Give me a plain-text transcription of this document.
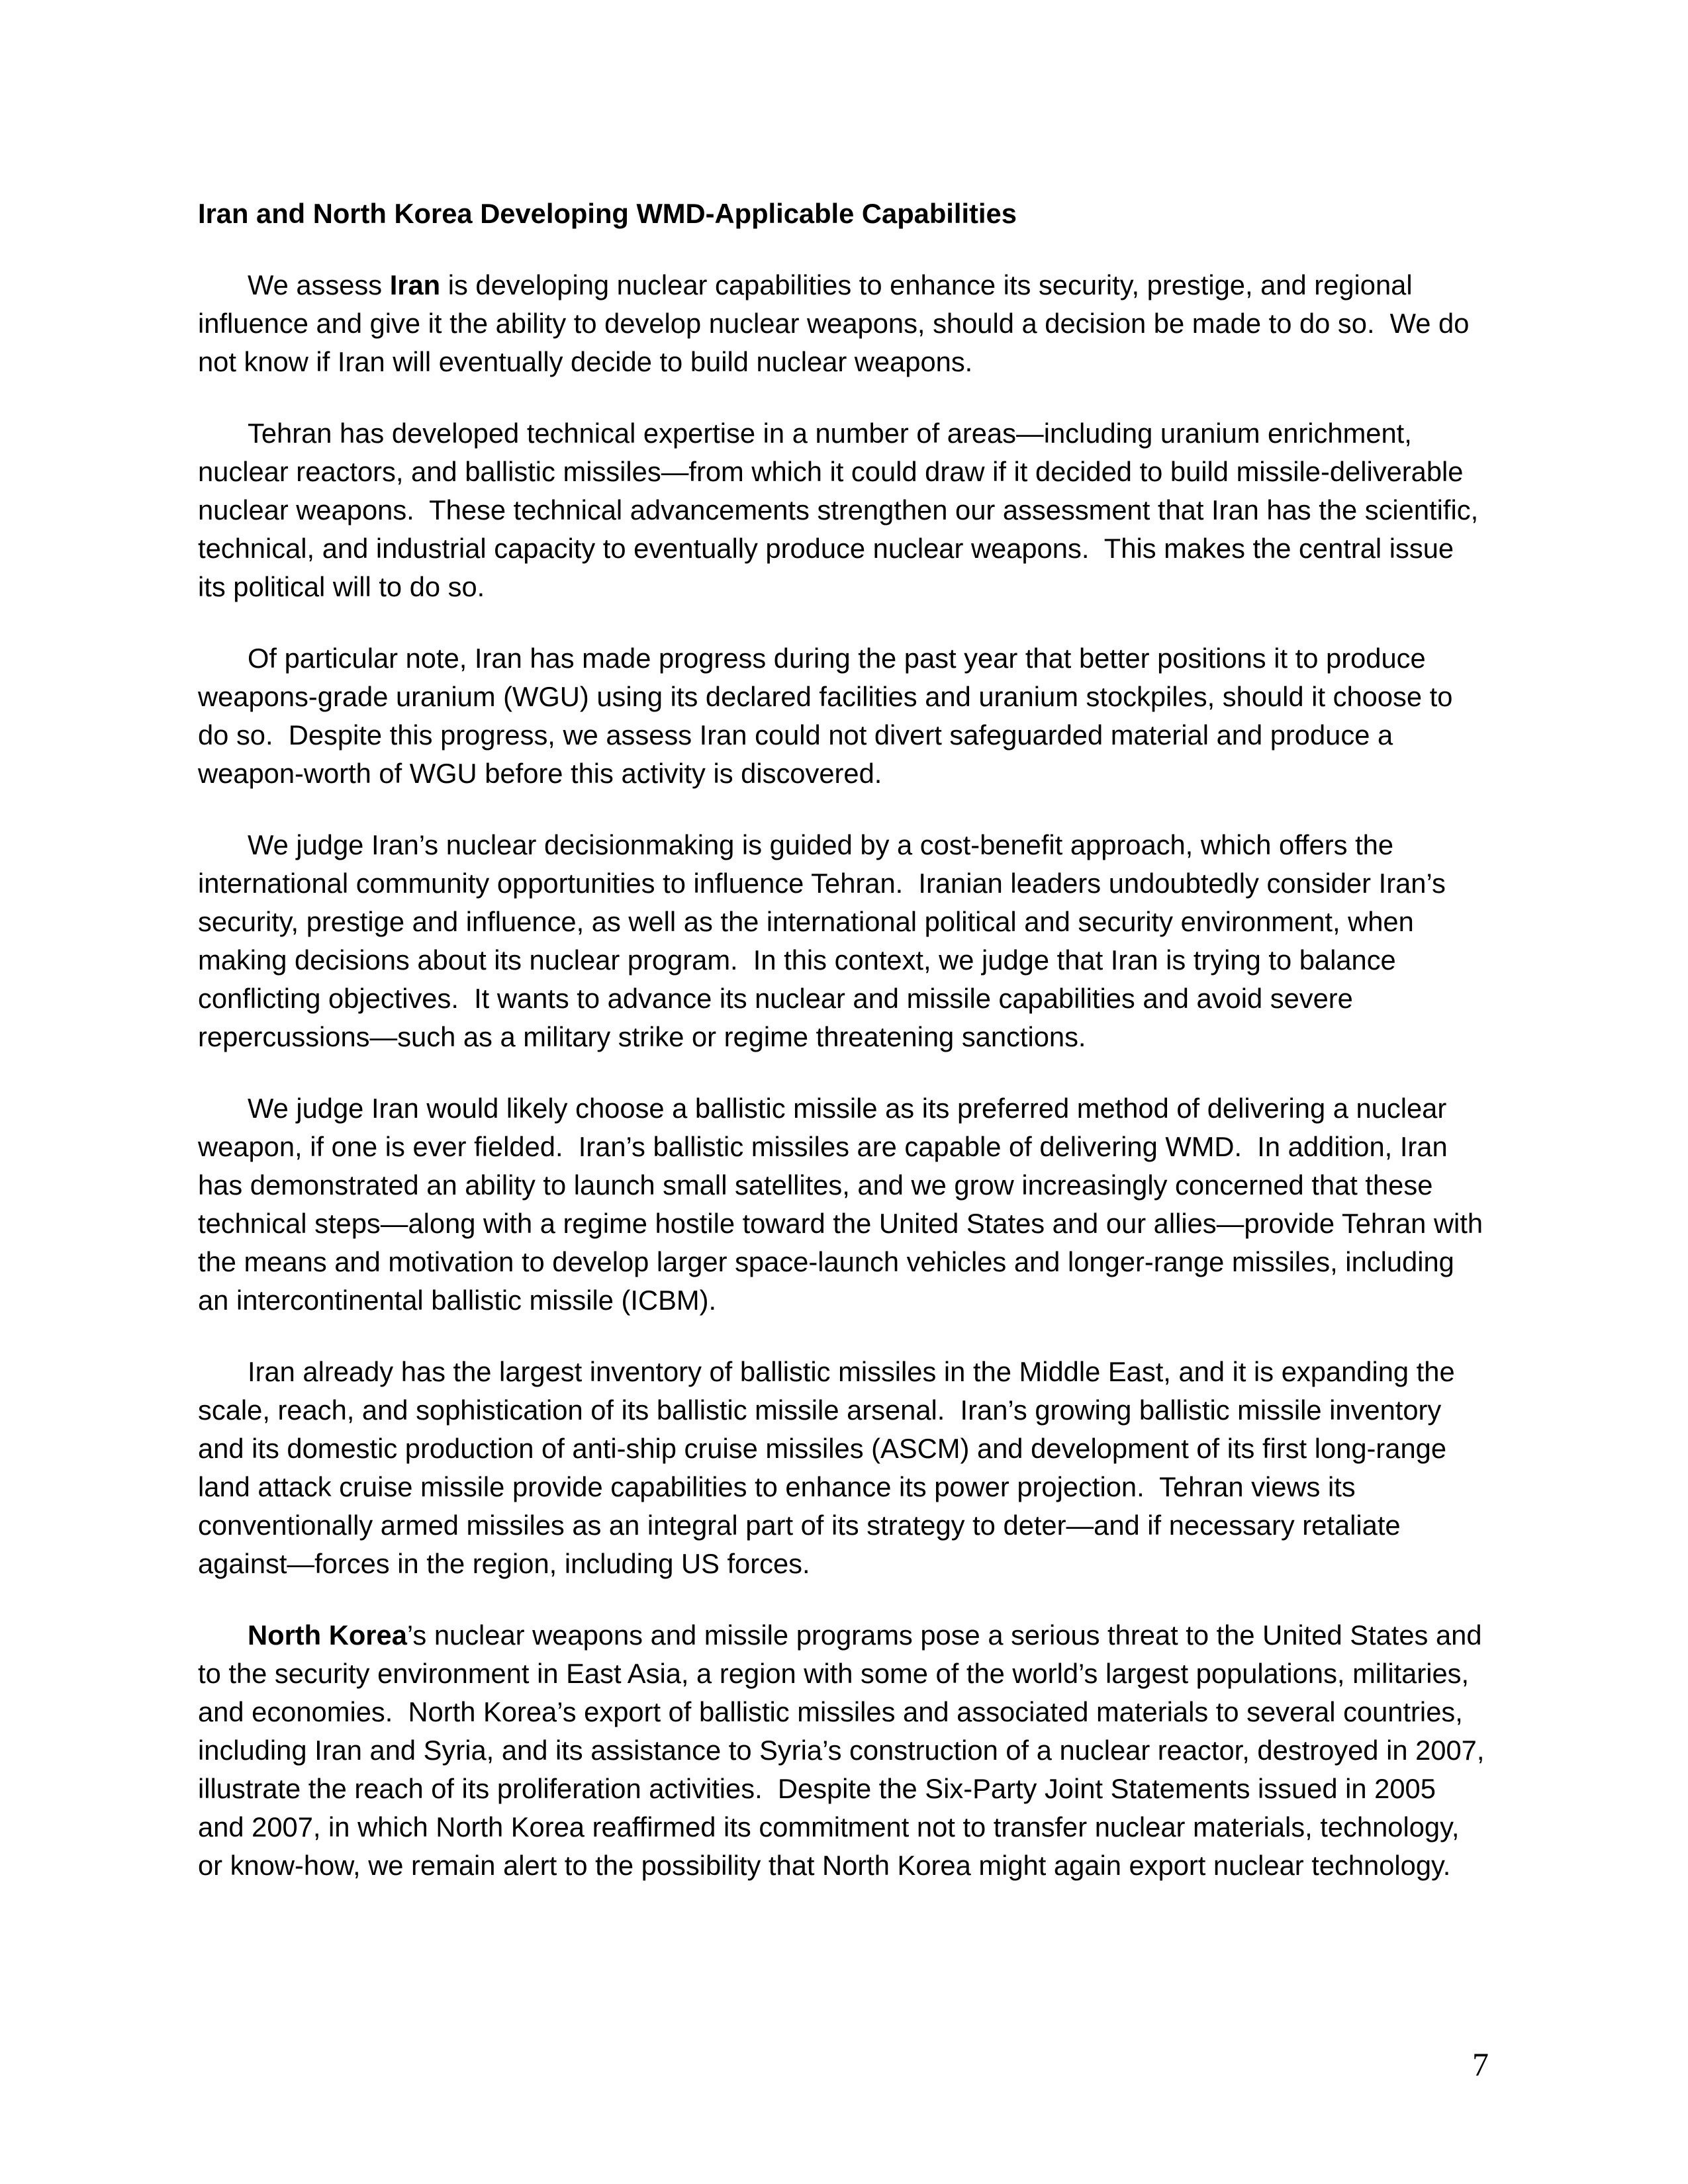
Iran and North Korea Developing WMD-Applicable Capabilities

We assess Iran is developing nuclear capabilities to enhance its security, prestige, and regional influence and give it the ability to develop nuclear weapons, should a decision be made to do so.  We do not know if Iran will eventually decide to build nuclear weapons.

Tehran has developed technical expertise in a number of areas—including uranium enrichment, nuclear reactors, and ballistic missiles—from which it could draw if it decided to build missile-deliverable nuclear weapons.  These technical advancements strengthen our assessment that Iran has the scientific, technical, and industrial capacity to eventually produce nuclear weapons.  This makes the central issue its political will to do so.

Of particular note, Iran has made progress during the past year that better positions it to produce weapons-grade uranium (WGU) using its declared facilities and uranium stockpiles, should it choose to do so.  Despite this progress, we assess Iran could not divert safeguarded material and produce a weapon-worth of WGU before this activity is discovered.

We judge Iran’s nuclear decisionmaking is guided by a cost-benefit approach, which offers the international community opportunities to influence Tehran.  Iranian leaders undoubtedly consider Iran’s security, prestige and influence, as well as the international political and security environment, when making decisions about its nuclear program.  In this context, we judge that Iran is trying to balance conflicting objectives.  It wants to advance its nuclear and missile capabilities and avoid severe repercussions—such as a military strike or regime threatening sanctions.

We judge Iran would likely choose a ballistic missile as its preferred method of delivering a nuclear weapon, if one is ever fielded.  Iran’s ballistic missiles are capable of delivering WMD.  In addition, Iran has demonstrated an ability to launch small satellites, and we grow increasingly concerned that these technical steps—along with a regime hostile toward the United States and our allies—provide Tehran with the means and motivation to develop larger space-launch vehicles and longer-range missiles, including an intercontinental ballistic missile (ICBM).

Iran already has the largest inventory of ballistic missiles in the Middle East, and it is expanding the scale, reach, and sophistication of its ballistic missile arsenal.  Iran’s growing ballistic missile inventory and its domestic production of anti-ship cruise missiles (ASCM) and development of its first long-range land attack cruise missile provide capabilities to enhance its power projection.  Tehran views its conventionally armed missiles as an integral part of its strategy to deter—and if necessary retaliate against—forces in the region, including US forces.

North Korea’s nuclear weapons and missile programs pose a serious threat to the United States and to the security environment in East Asia, a region with some of the world’s largest populations, militaries, and economies.  North Korea’s export of ballistic missiles and associated materials to several countries, including Iran and Syria, and its assistance to Syria’s construction of a nuclear reactor, destroyed in 2007, illustrate the reach of its proliferation activities.  Despite the Six-Party Joint Statements issued in 2005 and 2007, in which North Korea reaffirmed its commitment not to transfer nuclear materials, technology, or know-how, we remain alert to the possibility that North Korea might again export nuclear technology.

7
